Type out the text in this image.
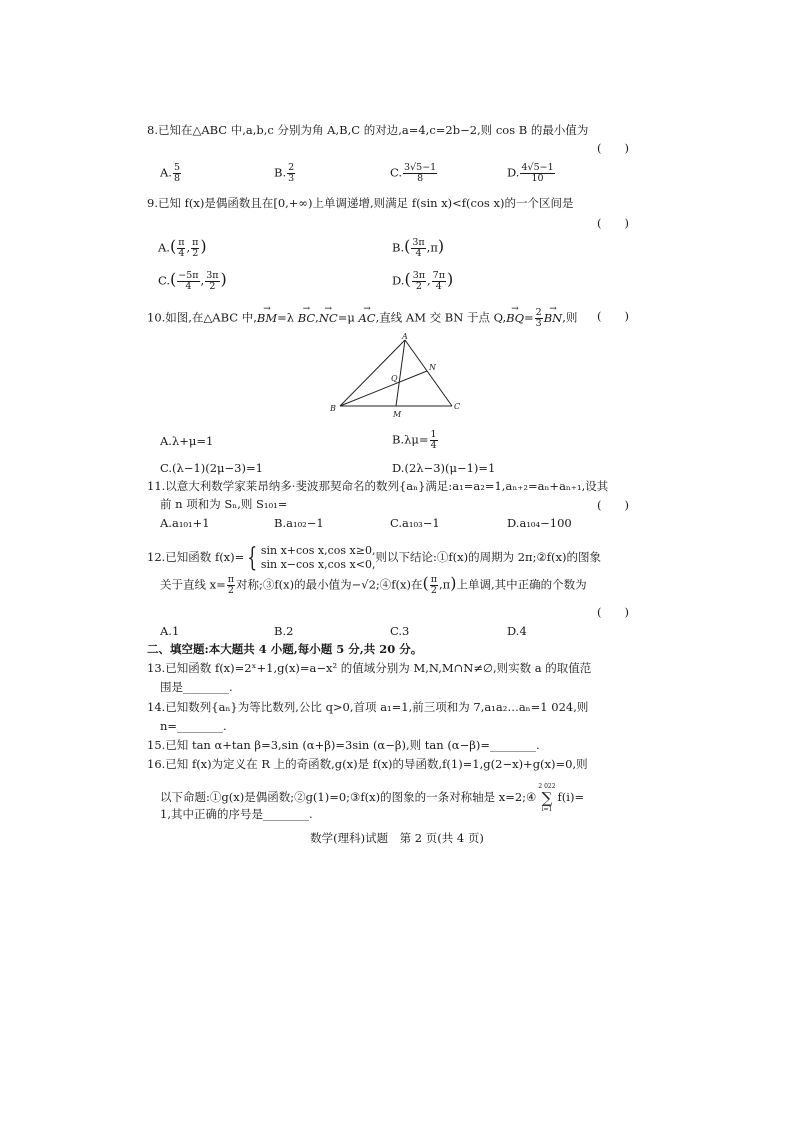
8.已知在△ABC 中,a,b,c 分别为角 A,B,C 的对边,a=4,c=2b−2,则 cos B 的最小值为
(　　)
A. $\frac{5}{8}$	B. $\frac{2}{3}$	C. $\frac{3√5-1}{8}$	D. $\frac{4√5-1}{10}$
9.已知 f(x)是偶函数且在[0,+∞)上单调递增,则满足 f(sin x)<f(cos x)的一个区间是
(　　)
$A.( \frac{\pi}{4}$ , $\frac{\pi}{2}$ )	$B.( \frac{3\pi}{4} ,\pi)$
$C.( \frac{-5\pi}{4}$ , $\frac{3\pi}{2}$ )	$D.( \frac{3\pi}{2}$ , $\frac{7\pi}{4}$ )
10.如图,在△ABC 中,→ BM=λ → BC,→ NC=μ → AC,直线 AM 交 BN 于点 $Q,\to BQ= \frac{2}{3}$
→ BN,则 (　　)
A
B	C
M
N
Q
A.λ+μ=1	$B.\lambda\mu= \frac{1}{4}$
C.(λ−1)(2μ−3)=1	D.(2λ−3)(μ−1)=1
11.以意大利数学家莱昂纳多·斐波那契命名的数列{aₙ}满足:a₁=a₂=1,aₙ₊₂=aₙ+aₙ₊₁,设其
前 n 项和为 Sₙ,则 S₁₀₁=	(　　)
A.a₁₀₁+1	B.a₁₀₂−1	C.a₁₀₃−1	D.a₁₀₄−100
12.已知函数 f(x)= { sin x+cos x,cos x≥0,
sin x−cos x,cos x<0,
则以下结论:①f(x)的周期为 2π;②f(x)的图象
关于直线 $x= \frac{\pi}{2}$ 对称;③f(x)的最小值为−√2;④f(x)在( $\frac{\pi}{2} ,\pi$)上单调,其中正确的个数为
(　　)
A.1	B.2	C.3	D.4
二、填空题:本大题共 4 小题,每小题 5 分,共 20 分。
13.已知函数 f(x)=2ˣ+1,g(x)=a−x² 的值域分别为 M,N,M∩N≠∅,则实数 a 的取值范
围是________.
14.已知数列{aₙ}为等比数列,公比 q>0,首项 a₁=1,前三项和为 7,a₁a₂…aₙ=1 024,则
n=________.
15.已知 tan α+tan β=3,sin (α+β)=3sin (α−β),则 tan (α−β)=________.
16.已知 f(x)为定义在 R 上的奇函数,g(x)是 f(x)的导函数,f(1)=1,g(2−x)+g(x)=0,则
以下命题:①g(x)是偶函数;②g(1)=0;③f(x)的图象的一条对称轴是 x=2;④
2 022
∑
i=1
f(i)=
1,其中正确的序号是________.
数学(理科)试题　第 2 页(共 4 页)
